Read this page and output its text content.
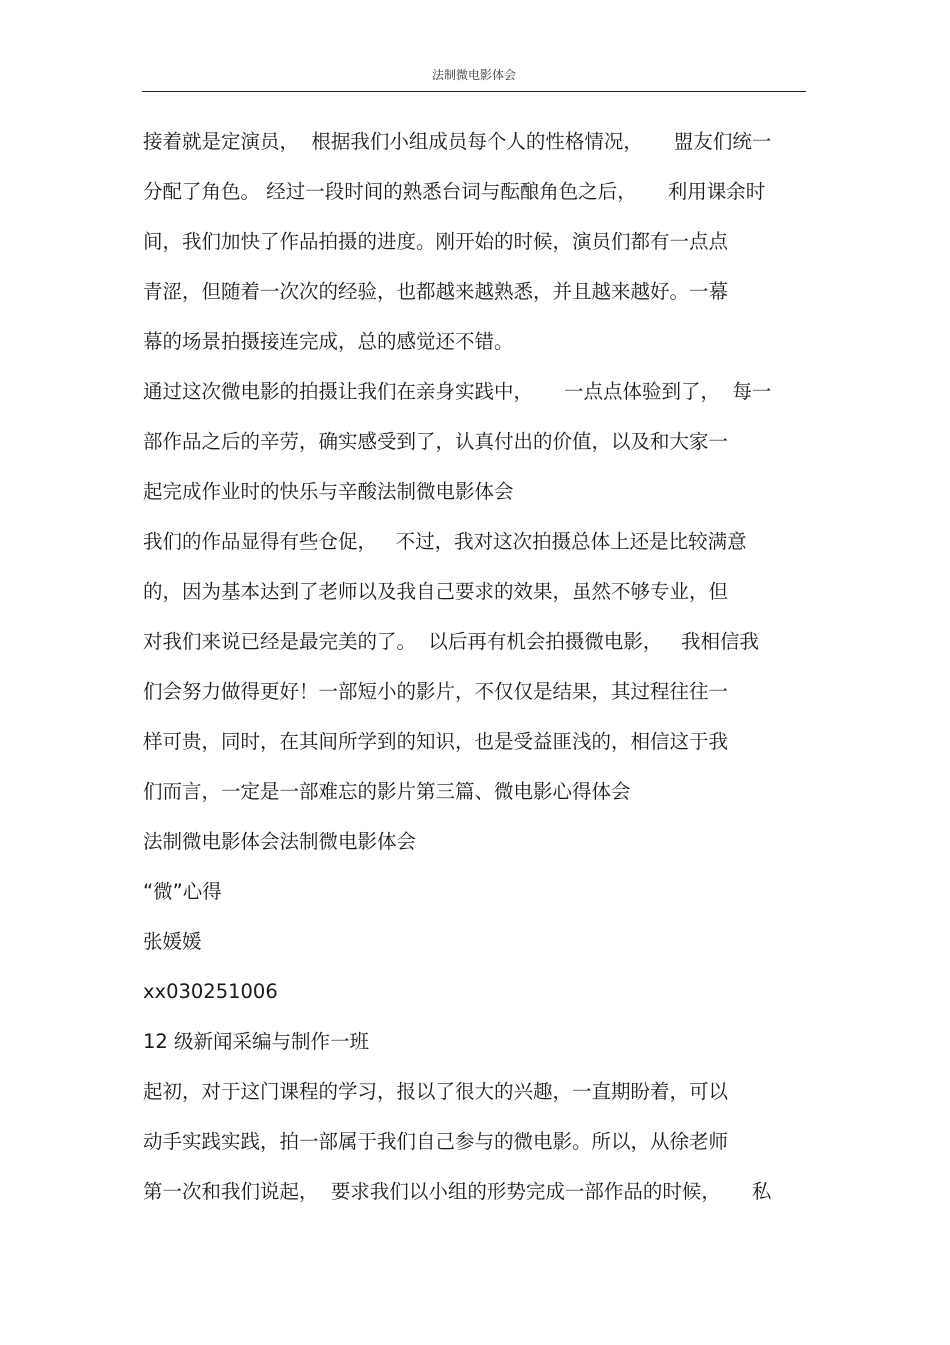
法制微电影体会
接着就是定演员，  根据我们小组成员每个人的性格情况，     盟友们统一
分配了角色。 经过一段时间的熟悉台词与酝酿角色之后，     利用课余时
间，我们加快了作品拍摄的进度。刚开始的时候，演员们都有一点点
青涩，但随着一次次的经验，也都越来越熟悉，并且越来越好。一幕
幕的场景拍摄接连完成，总的感觉还不错。
通过这次微电影的拍摄让我们在亲身实践中，     一点点体验到了，  每一
部作品之后的辛劳，确实感受到了，认真付出的价值，以及和大家一
起完成作业时的快乐与辛酸法制微电影体会
我们的作品显得有些仓促，   不过，我对这次拍摄总体上还是比较满意
的，因为基本达到了老师以及我自己要求的效果，虽然不够专业，但
对我们来说已经是最完美的了。  以后再有机会拍摄微电影，   我相信我
们会努力做得更好！一部短小的影片，不仅仅是结果，其过程往往一
样可贵，同时，在其间所学到的知识，也是受益匪浅的，相信这于我
们而言，一定是一部难忘的影片第三篇、微电影心得体会
法制微电影体会法制微电影体会
“微”心得
张媛媛
xx030251006
12 级新闻采编与制作一班
起初，对于这门课程的学习，报以了很大的兴趣，一直期盼着，可以
动手实践实践，拍一部属于我们自己参与的微电影。所以，从徐老师
第一次和我们说起，  要求我们以小组的形势完成一部作品的时候，     私
